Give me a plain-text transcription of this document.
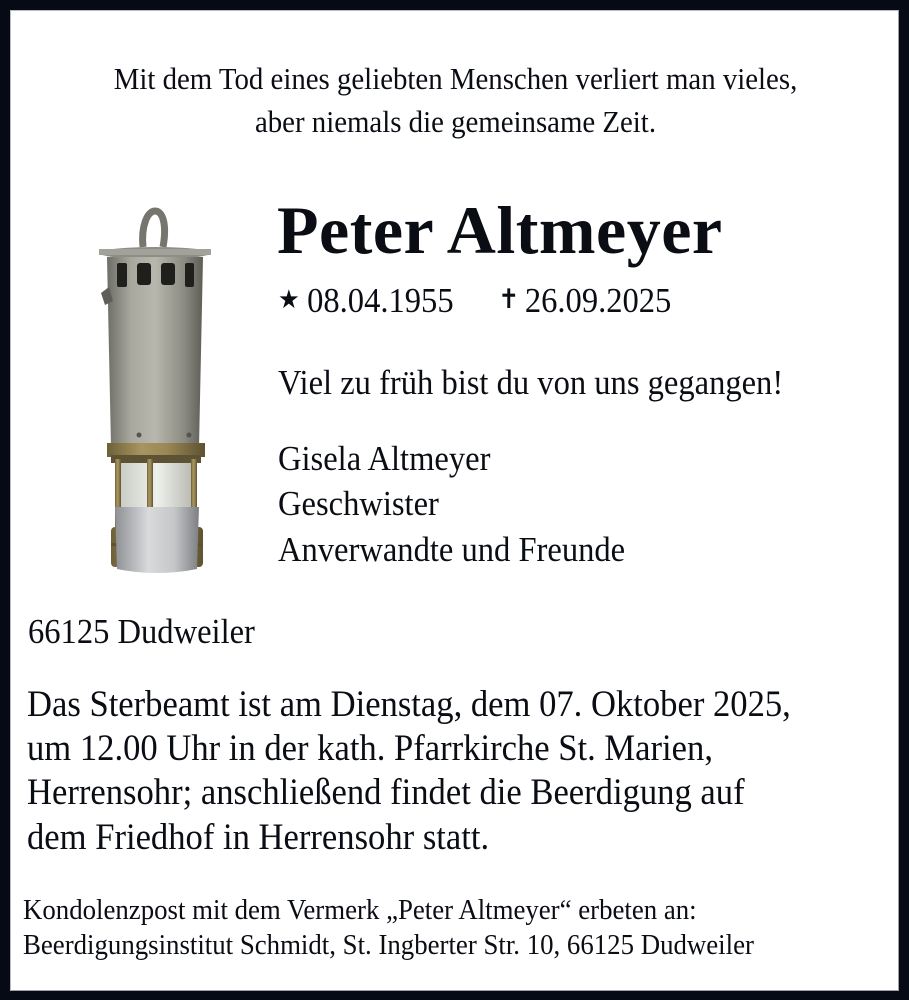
Mit dem Tod eines geliebten Menschen verliert man vieles,
aber niemals die gemeinsame Zeit.
Peter Altmeyer
★ 08.04.1955 ✝ 26.09.2025
Viel zu früh bist du von uns gegangen!
Gisela Altmeyer
Geschwister
Anverwandte und Freunde
66125 Dudweiler
Das Sterbeamt ist am Dienstag, dem 07. Oktober 2025,
um 12.00 Uhr in der kath. Pfarrkirche St. Marien,
Herrensohr; anschließend findet die Beerdigung auf
dem Friedhof in Herrensohr statt.
Kondolenzpost mit dem Vermerk „Peter Altmeyer“ erbeten an:
Beerdigungsinstitut Schmidt, St. Ingberter Str. 10, 66125 Dudweiler
